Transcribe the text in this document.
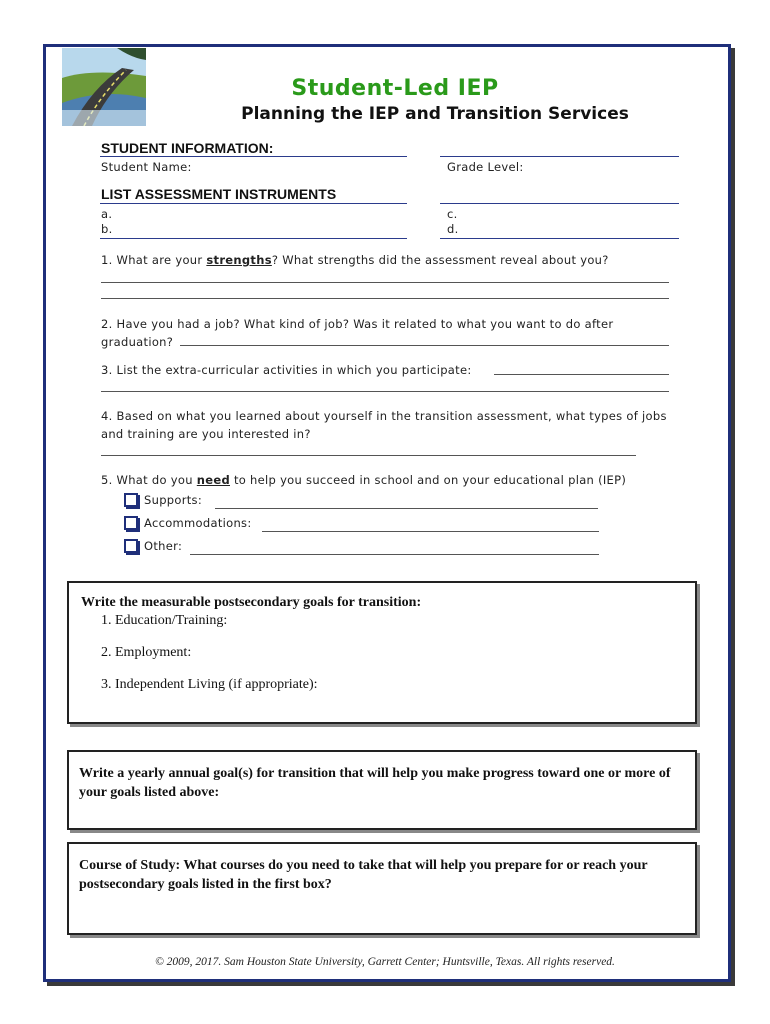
Student-Led IEP
Planning the IEP and Transition Services
STUDENT INFORMATION:
Student Name:	Grade Level:
LIST ASSESSMENT INSTRUMENTS
a.
b.
c.
d.
1. What are your strengths? What strengths did the assessment reveal about you?
2. Have you had a job? What kind of job? Was it related to what you want to do after graduation?
3. List the extra-curricular activities in which you participate:
4. Based on what you learned about yourself in the transition assessment, what types of jobs and training are you interested in?
5. What do you need to help you succeed in school and on your educational plan (IEP)
Supports:
Accommodations:
Other:
Write the measurable postsecondary goals for transition:
1. Education/Training:
2. Employment:
3. Independent Living (if appropriate):
Write a yearly annual goal(s) for transition that will help you make progress toward one or more of your goals listed above:
Course of Study: What courses do you need to take that will help you prepare for or reach your postsecondary goals listed in the first box?
© 2009, 2017. Sam Houston State University, Garrett Center; Huntsville, Texas. All rights reserved.
